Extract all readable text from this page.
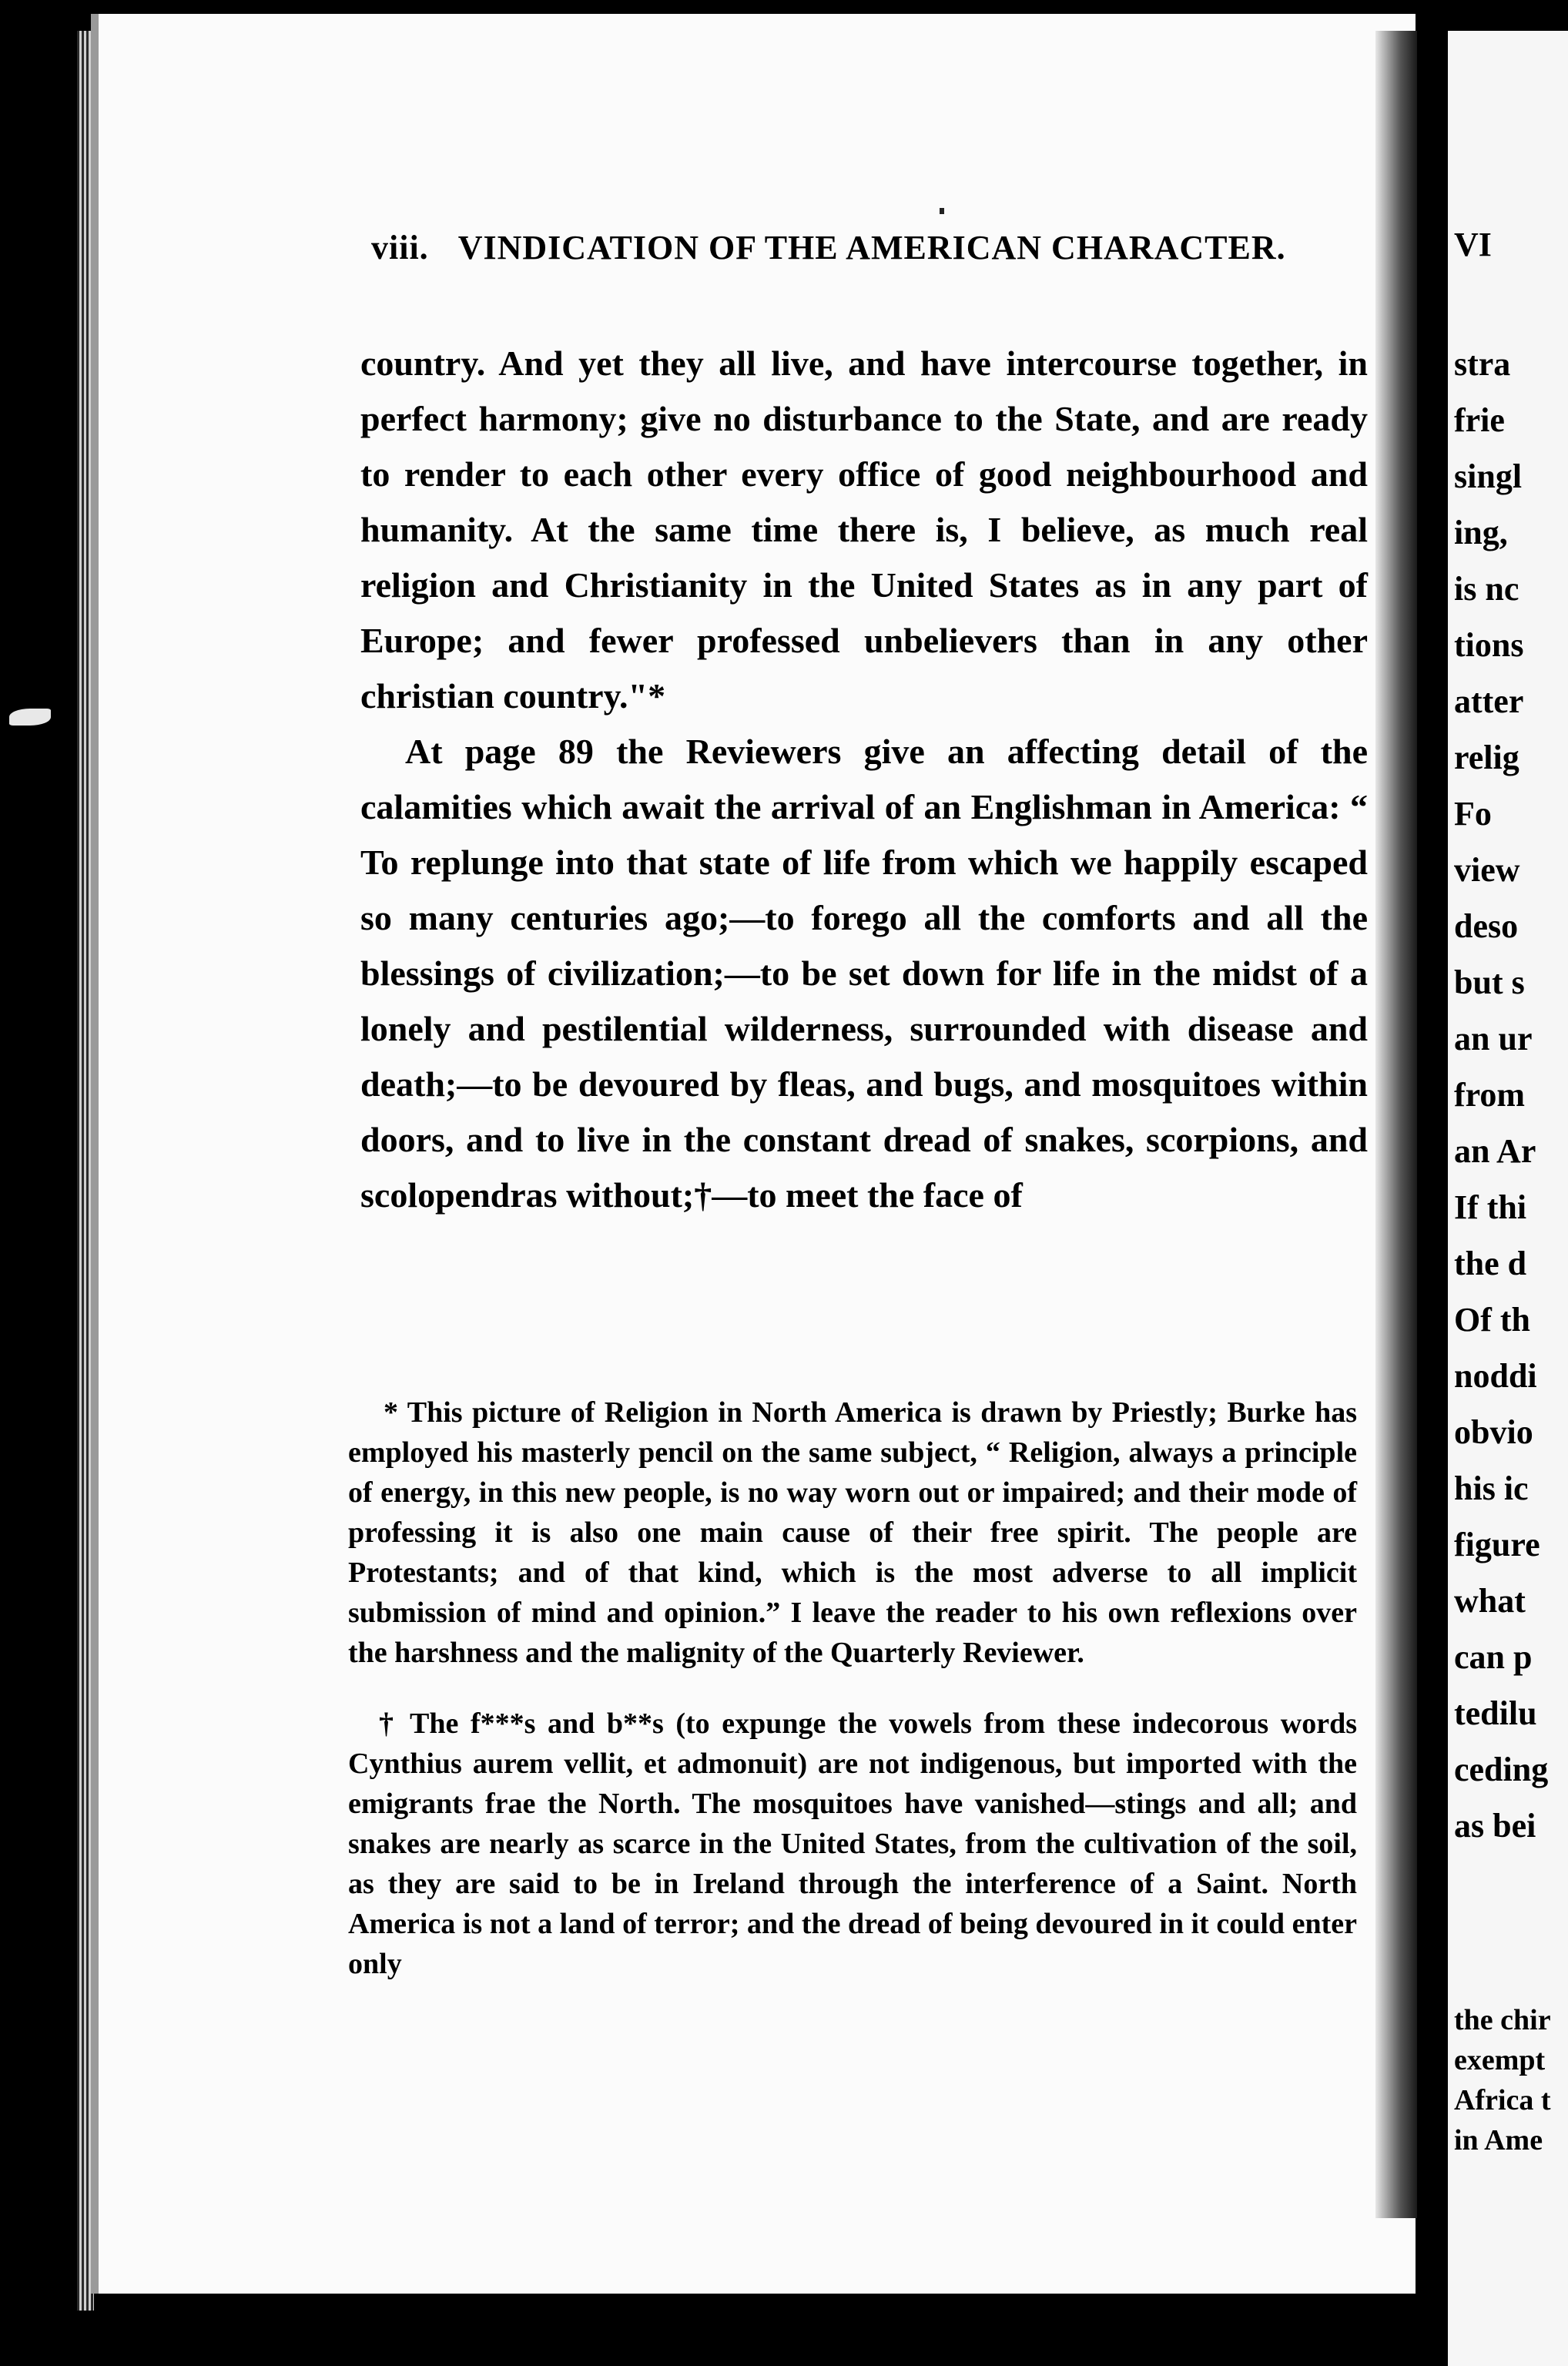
viii. VINDICATION OF THE AMERICAN CHARACTER.

country. And yet they all live, and have intercourse together, in perfect harmony; give no disturbance to the State, and are ready to render to each other every office of good neighbourhood and humanity. At the same time there is, I believe, as much real religion and Christianity in the United States as in any part of Europe; and fewer professed unbelievers than in any other christian country."*

At page 89 the Reviewers give an affecting detail of the calamities which await the arrival of an Englishman in America: “ To replunge into that state of life from which we happily escaped so many centuries ago;—to forego all the comforts and all the blessings of civilization;—to be set down for life in the midst of a lonely and pestilential wilderness, surrounded with disease and death;—to be devoured by fleas, and bugs, and mosquitoes within doors, and to live in the constant dread of snakes, scorpions, and scolopendras without;†—to meet the face of

* This picture of Religion in North America is drawn by Priestly; Burke has employed his masterly pencil on the same subject, “ Religion, always a principle of energy, in this new people, is no way worn out or impaired; and their mode of professing it is also one main cause of their free spirit. The people are Protestants; and of that kind, which is the most adverse to all implicit submission of mind and opinion.” I leave the reader to his own reflexions over the harshness and the malignity of the Quarterly Reviewer.

† The f***s and b**s (to expunge the vowels from these indecorous words Cynthius aurem vellit, et admonuit) are not indigenous, but imported with the emigrants frae the North. The mosquitoes have vanished—stings and all; and snakes are nearly as scarce in the United States, from the cultivation of the soil, as they are said to be in Ireland through the interference of a Saint. North America is not a land of terror; and the dread of being devoured in it could enter only

VI
stra
frie
singl
ing,
is nc
tions
atter
relig
Fo
view
deso
but s
an ur
from
an Ar
If thi
the d
Of th
noddi
obvio
his ic
figure
what
can p
tedilu
ceding
as bei
the chir
exempt
Africa t
in Ame
